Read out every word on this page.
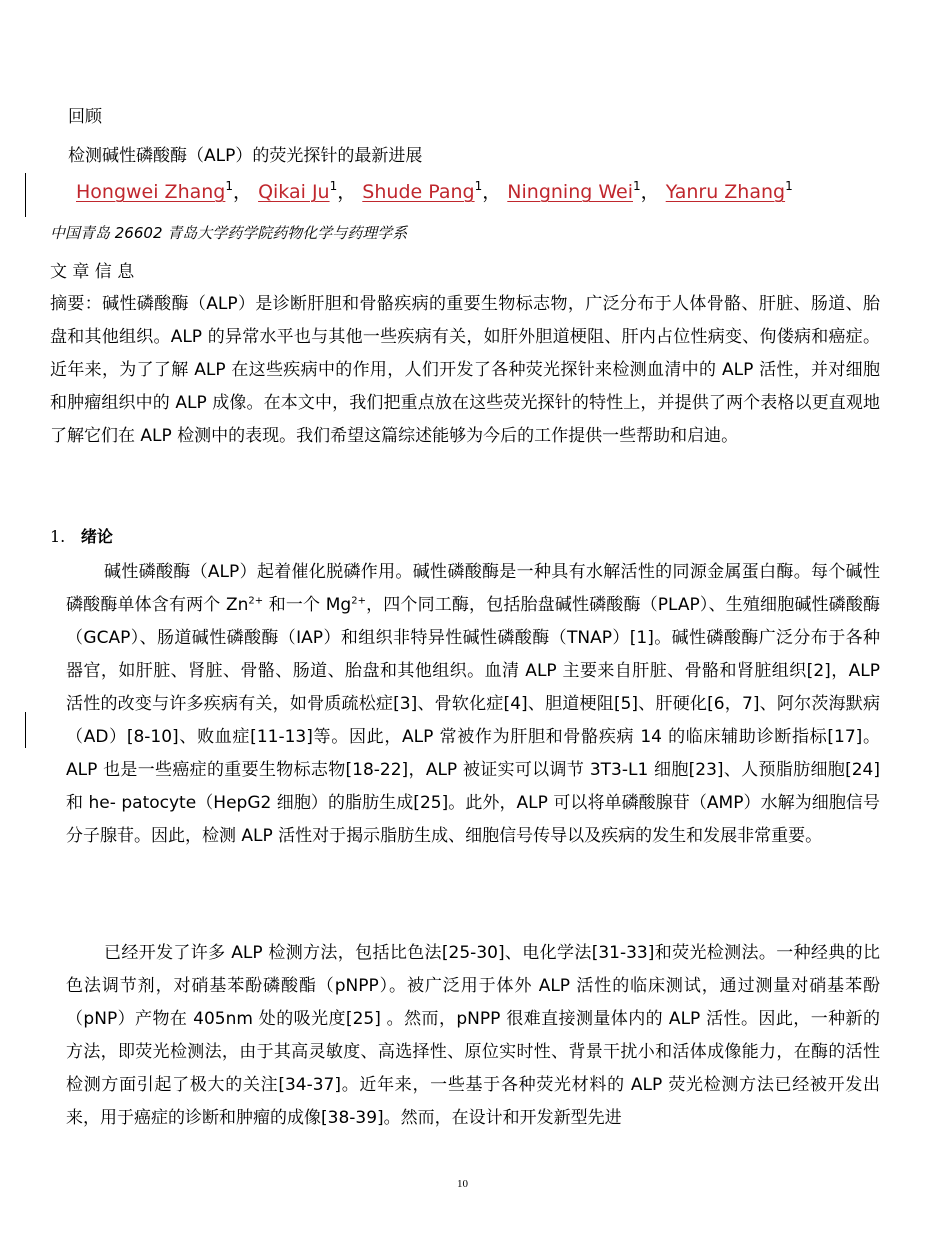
回顾
检测碱性磷酸酶（ALP）的荧光探针的最新进展
Hongwei Zhang$^1$， Qikai Ju$^1$， Shude Pang$^1$， Ningning Wei$^1$， Yanru Zhang$^1$
中国青岛 26602 青岛大学药学院药物化学与药理学系
文 章 信 息
摘要：碱性磷酸酶（ALP）是诊断肝胆和骨骼疾病的重要生物标志物，广泛分布于人体骨骼、肝脏、肠道、胎盘和其他组织。ALP 的异常水平也与其他一些疾病有关，如肝外胆道梗阻、肝内占位性病变、佝偻病和癌症。近年来，为了了解 ALP 在这些疾病中的作用，人们开发了各种荧光探针来检测血清中的 ALP 活性，并对细胞和肿瘤组织中的 ALP 成像。在本文中，我们把重点放在这些荧光探针的特性上，并提供了两个表格以更直观地了解它们在 ALP 检测中的表现。我们希望这篇综述能够为今后的工作提供一些帮助和启迪。
1. 绪论
碱性磷酸酶（ALP）起着催化脱磷作用。碱性磷酸酶是一种具有水解活性的同源金属蛋白酶。每个碱性磷酸酶单体含有两个 $Zn^{2+}$ 和一个 $Mg^{2+}$，四个同工酶，包括胎盘碱性磷酸酶（PLAP）、生殖细胞碱性磷酸酶（GCAP）、肠道碱性磷酸酶（IAP）和组织非特异性碱性磷酸酶（TNAP）[1]。碱性磷酸酶广泛分布于各种器官，如肝脏、肾脏、骨骼、肠道、胎盘和其他组织。血清 ALP 主要来自肝脏、骨骼和肾脏组织[2]，ALP 活性的改变与许多疾病有关，如骨质疏松症[3]、骨软化症[4]、胆道梗阻[5]、肝硬化[6，7]、阿尔茨海默病（AD）[8-10]、败血症[11-13]等。因此，ALP 常被作为肝胆和骨骼疾病 14 的临床辅助诊断指标[17]。ALP 也是一些癌症的重要生物标志物[18-22]，ALP 被证实可以调节 3T3-L1 细胞[23]、人预脂肪细胞[24]和 he- patocyte（HepG2 细胞）的脂肪生成[25]。此外，ALP 可以将单磷酸腺苷（AMP）水解为细胞信号分子腺苷。因此，检测 ALP 活性对于揭示脂肪生成、细胞信号传导以及疾病的发生和发展非常重要。
已经开发了许多 ALP 检测方法，包括比色法[25-30]、电化学法[31-33]和荧光检测法。一种经典的比色法调节剂，对硝基苯酚磷酸酯（pNPP）。被广泛用于体外 ALP 活性的临床测试，通过测量对硝基苯酚（pNP）产物在 405nm 处的吸光度[25] 。然而，pNPP 很难直接测量体内的 ALP 活性。因此，一种新的方法，即荧光检测法，由于其高灵敏度、高选择性、原位实时性、背景干扰小和活体成像能力，在酶的活性检测方面引起了极大的关注[34-37]。近年来，一些基于各种荧光材料的 ALP 荧光检测方法已经被开发出来，用于癌症的诊断和肿瘤的成像[38-39]。然而，在设计和开发新型先进
10
